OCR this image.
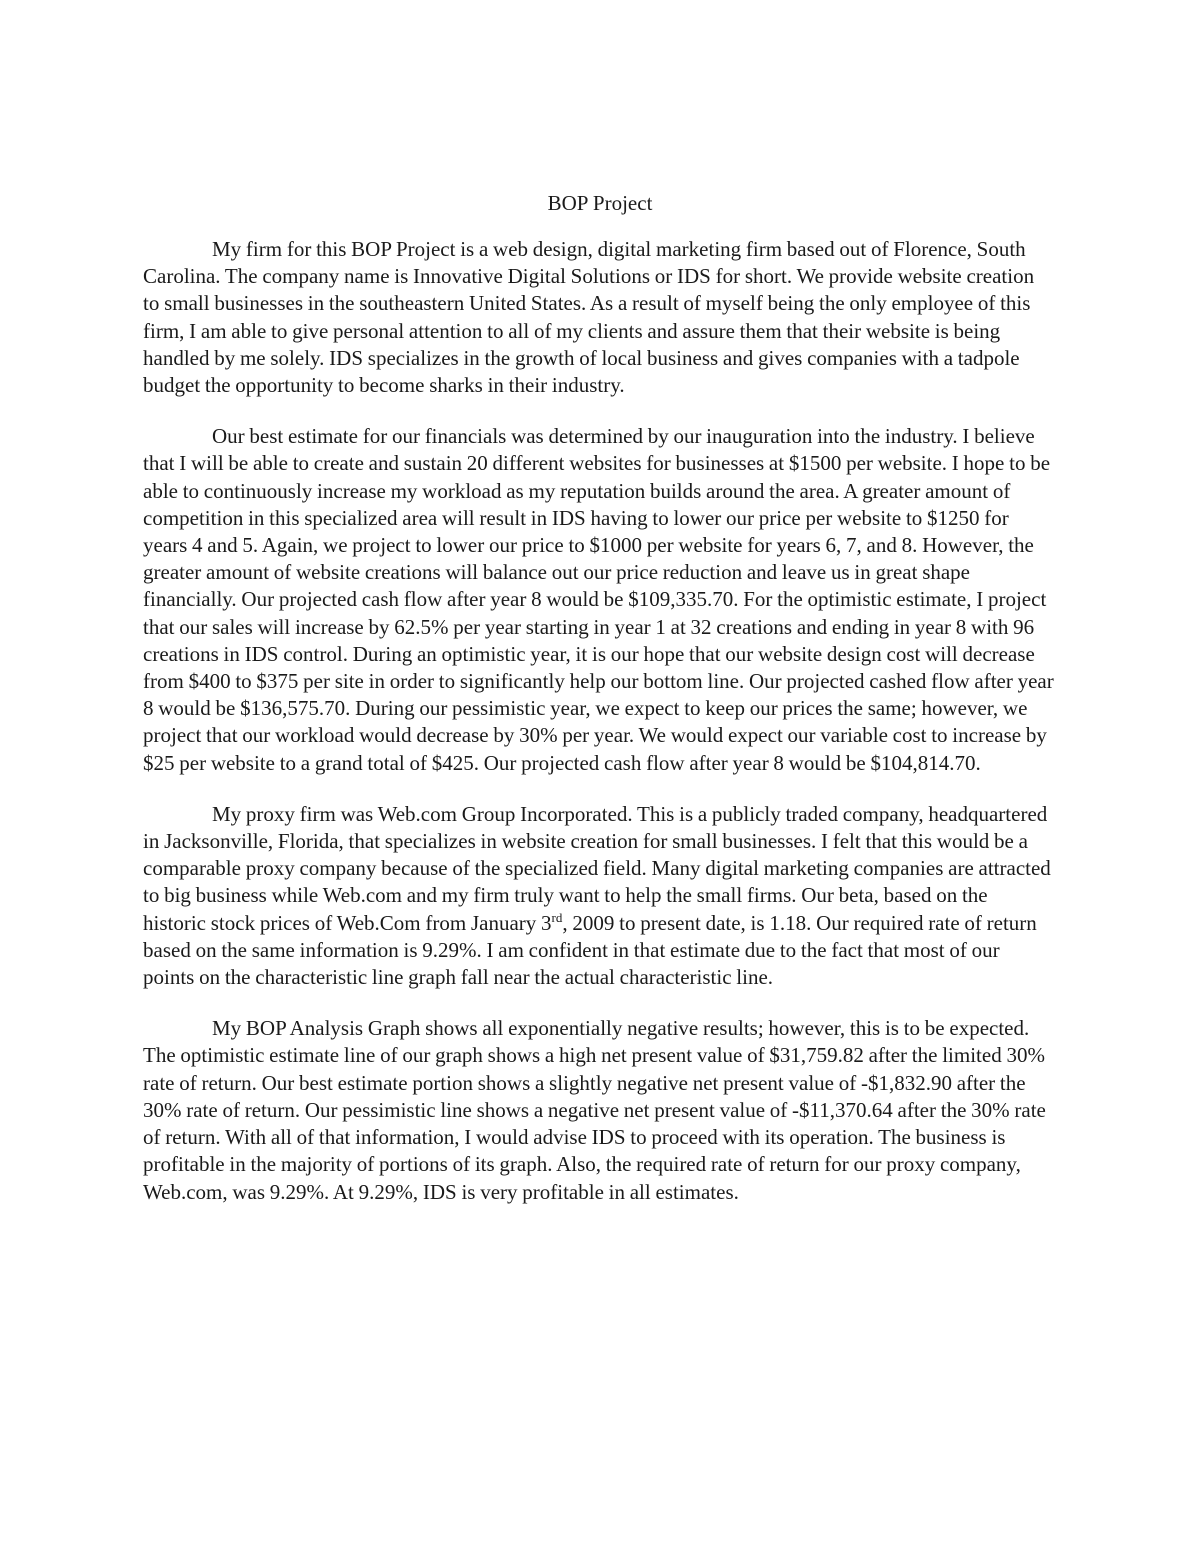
BOP Project

My firm for this BOP Project is a web design, digital marketing firm based out of Florence, South Carolina. The company name is Innovative Digital Solutions or IDS for short. We provide website creation to small businesses in the southeastern United States. As a result of myself being the only employee of this firm, I am able to give personal attention to all of my clients and assure them that their website is being handled by me solely. IDS specializes in the growth of local business and gives companies with a tadpole budget the opportunity to become sharks in their industry.

Our best estimate for our financials was determined by our inauguration into the industry. I believe that I will be able to create and sustain 20 different websites for businesses at $1500 per website. I hope to be able to continuously increase my workload as my reputation builds around the area. A greater amount of competition in this specialized area will result in IDS having to lower our price per website to $1250 for years 4 and 5. Again, we project to lower our price to $1000 per website for years 6, 7, and 8. However, the greater amount of website creations will balance out our price reduction and leave us in great shape financially. Our projected cash flow after year 8 would be $109,335.70. For the optimistic estimate, I project that our sales will increase by 62.5% per year starting in year 1 at 32 creations and ending in year 8 with 96 creations in IDS control. During an optimistic year, it is our hope that our website design cost will decrease from $400 to $375 per site in order to significantly help our bottom line. Our projected cashed flow after year 8 would be $136,575.70. During our pessimistic year, we expect to keep our prices the same; however, we project that our workload would decrease by 30% per year. We would expect our variable cost to increase by $25 per website to a grand total of $425. Our projected cash flow after year 8 would be $104,814.70.

My proxy firm was Web.com Group Incorporated. This is a publicly traded company, headquartered in Jacksonville, Florida, that specializes in website creation for small businesses. I felt that this would be a comparable proxy company because of the specialized field. Many digital marketing companies are attracted to big business while Web.com and my firm truly want to help the small firms. Our beta, based on the historic stock prices of Web.Com from January 3rd, 2009 to present date, is 1.18. Our required rate of return based on the same information is 9.29%. I am confident in that estimate due to the fact that most of our points on the characteristic line graph fall near the actual characteristic line.

My BOP Analysis Graph shows all exponentially negative results; however, this is to be expected. The optimistic estimate line of our graph shows a high net present value of $31,759.82 after the limited 30% rate of return. Our best estimate portion shows a slightly negative net present value of -$1,832.90 after the 30% rate of return. Our pessimistic line shows a negative net present value of -$11,370.64 after the 30% rate of return. With all of that information, I would advise IDS to proceed with its operation. The business is profitable in the majority of portions of its graph. Also, the required rate of return for our proxy company, Web.com, was 9.29%. At 9.29%, IDS is very profitable in all estimates.
